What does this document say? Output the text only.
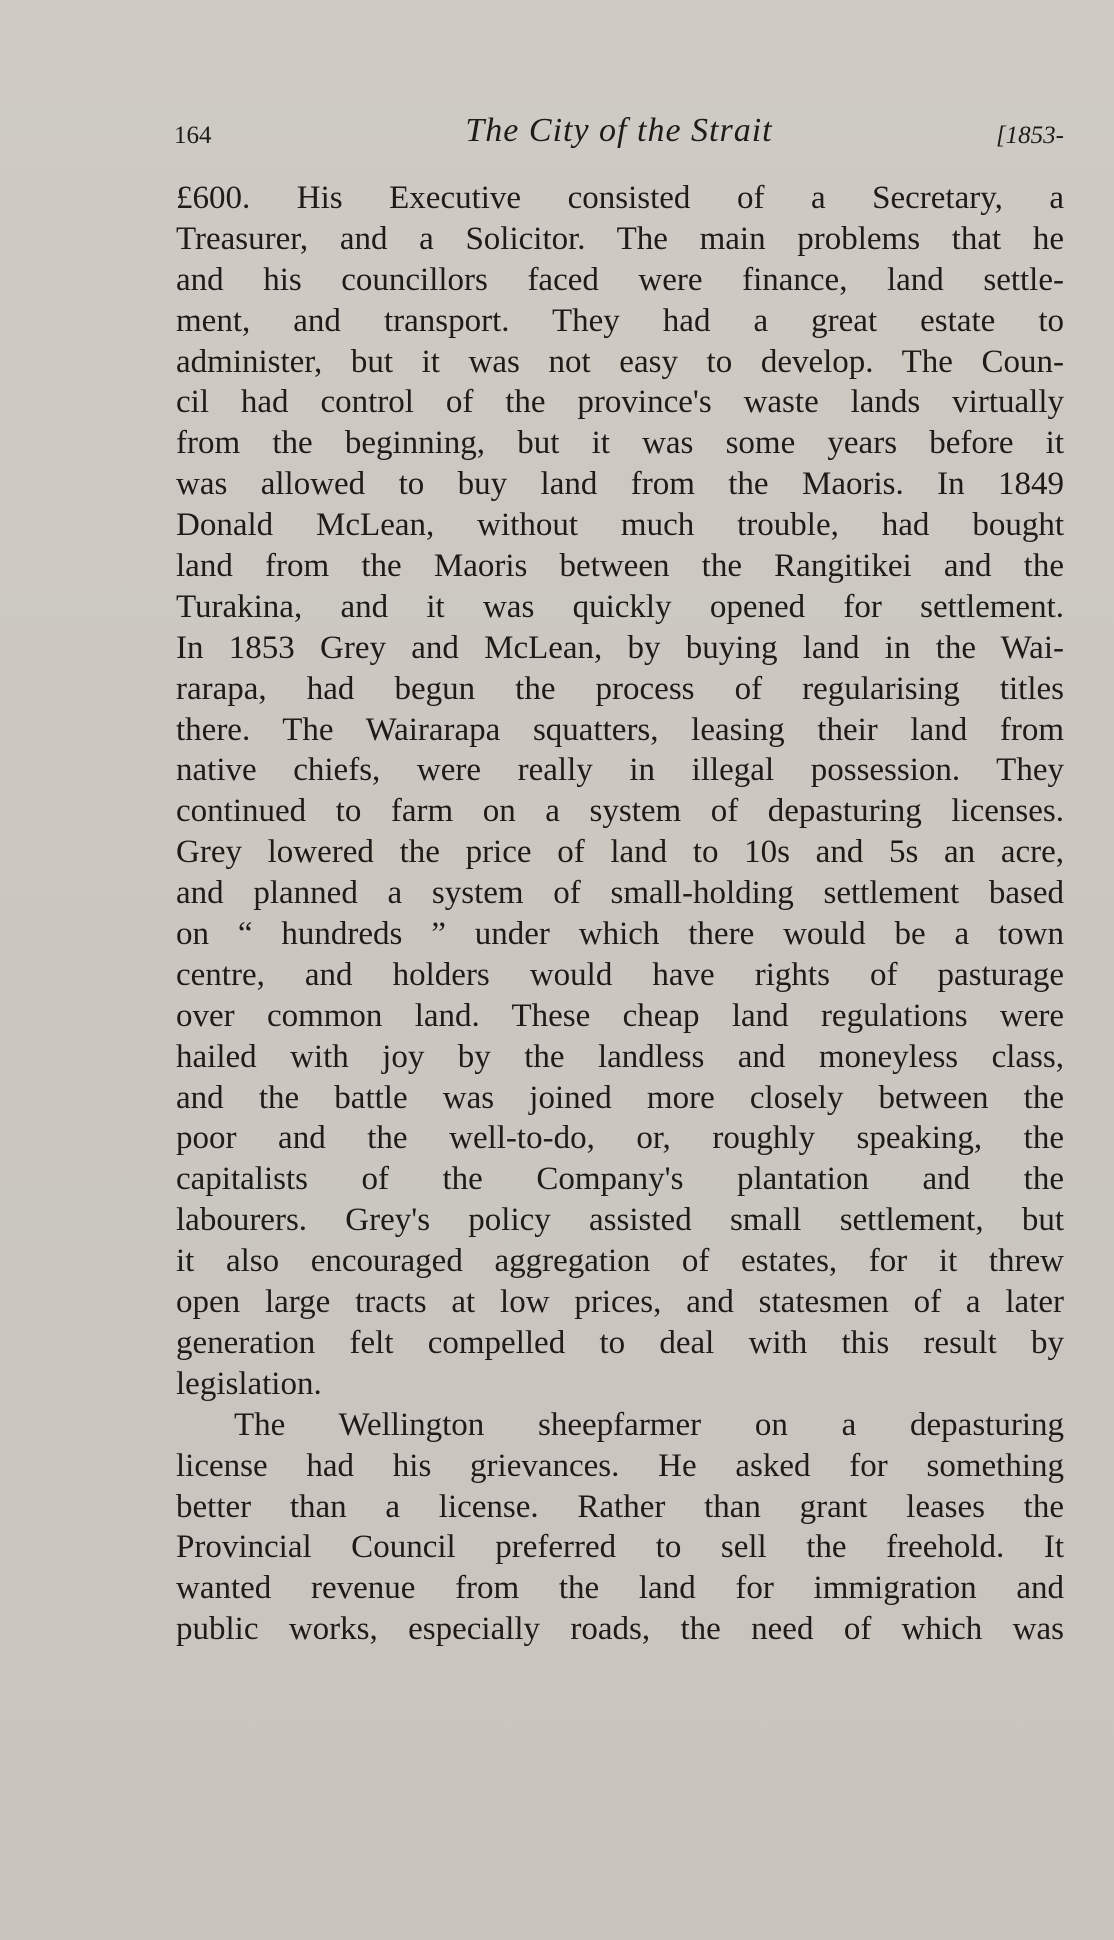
164	The City of the Strait	[1853-
£600. His Executive consisted of a Secretary, a
Treasurer, and a Solicitor. The main problems that he
and his councillors faced were finance, land settle-
ment, and transport. They had a great estate to
administer, but it was not easy to develop. The Coun-
cil had control of the province's waste lands virtually
from the beginning, but it was some years before it
was allowed to buy land from the Maoris. In 1849
Donald McLean, without much trouble, had bought
land from the Maoris between the Rangitikei and the
Turakina, and it was quickly opened for settlement.
In 1853 Grey and McLean, by buying land in the Wai-
rarapa, had begun the process of regularising titles
there. The Wairarapa squatters, leasing their land from
native chiefs, were really in illegal possession. They
continued to farm on a system of depasturing licenses.
Grey lowered the price of land to 10s and 5s an acre,
and planned a system of small-holding settlement based
on “ hundreds ” under which there would be a town
centre, and holders would have rights of pasturage
over common land. These cheap land regulations were
hailed with joy by the landless and moneyless class,
and the battle was joined more closely between the
poor and the well-to-do, or, roughly speaking, the
capitalists of the Company's plantation and the
labourers. Grey's policy assisted small settlement, but
it also encouraged aggregation of estates, for it threw
open large tracts at low prices, and statesmen of a later
generation felt compelled to deal with this result by
legislation.
The Wellington sheepfarmer on a depasturing
license had his grievances. He asked for something
better than a license. Rather than grant leases the
Provincial Council preferred to sell the freehold. It
wanted revenue from the land for immigration and
public works, especially roads, the need of which was
